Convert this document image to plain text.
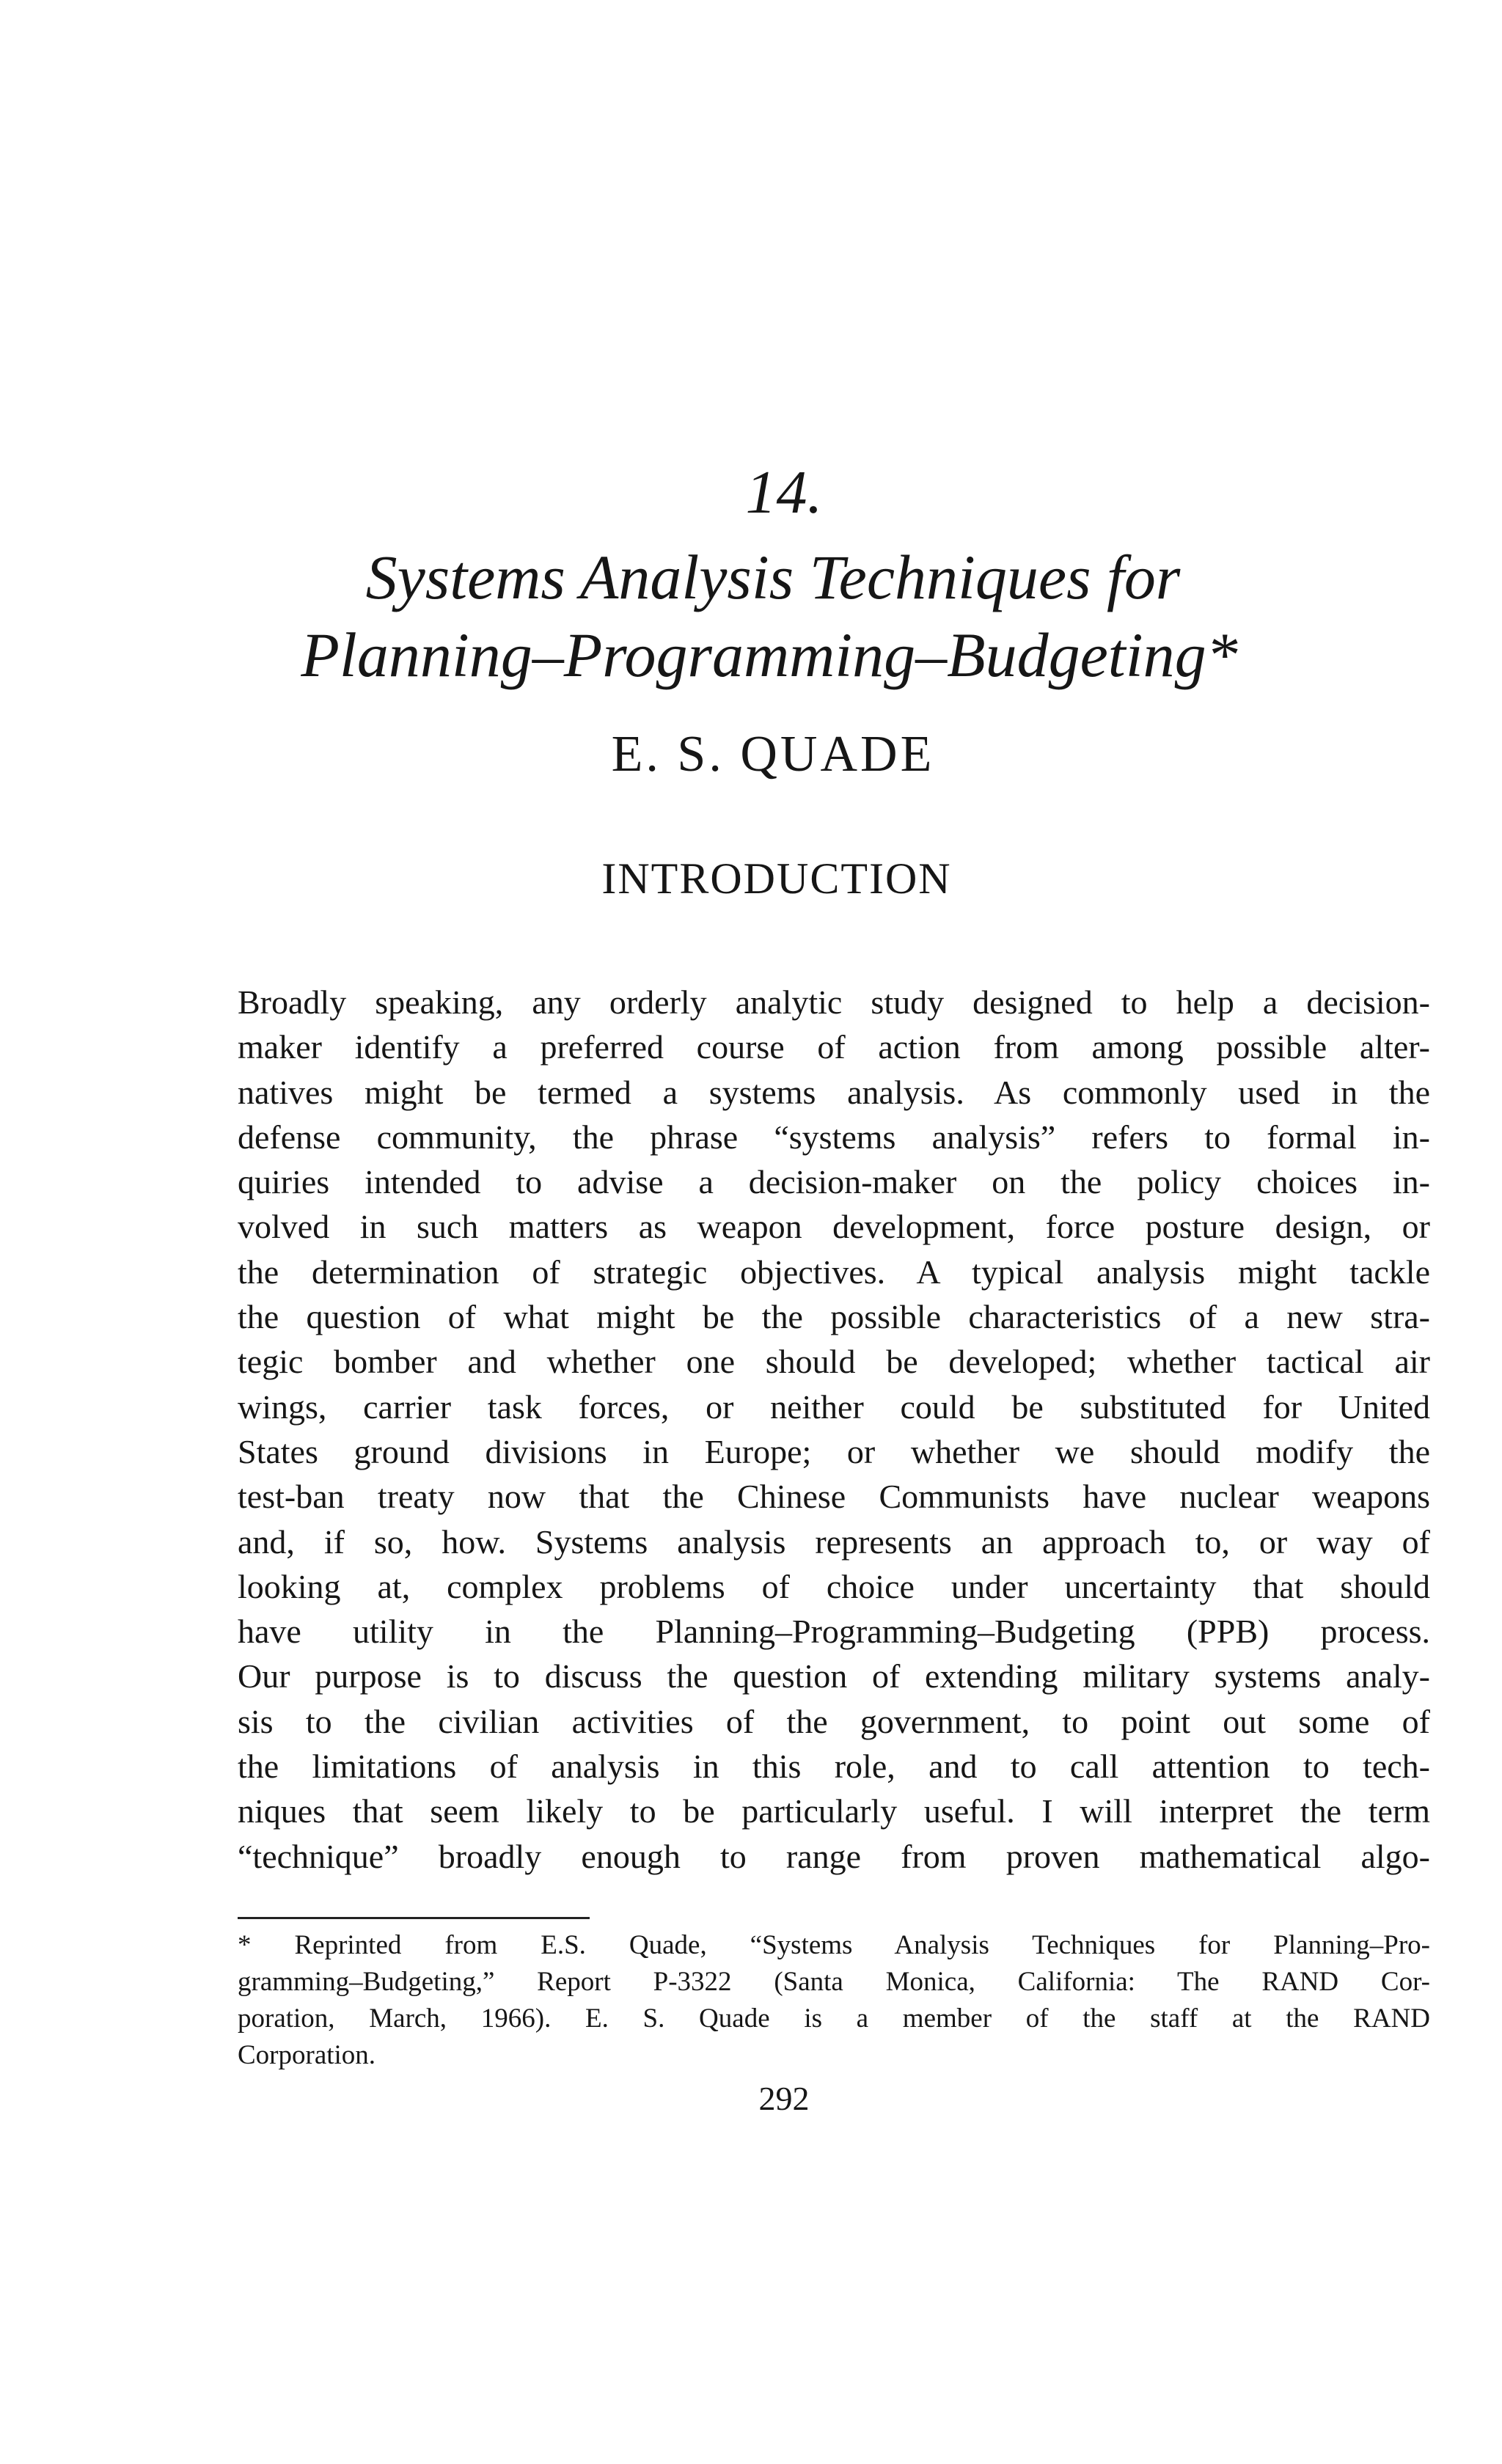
14.
Systems Analysis Techniques for
Planning–Programming–Budgeting*
E. S. QUADE
INTRODUCTION
Broadly speaking, any orderly analytic study designed to help a decision-
maker identify a preferred course of action from among possible alter-
natives might be termed a systems analysis. As commonly used in the
defense community, the phrase “systems analysis” refers to formal in-
quiries intended to advise a decision-maker on the policy choices in-
volved in such matters as weapon development, force posture design, or
the determination of strategic objectives. A typical analysis might tackle
the question of what might be the possible characteristics of a new stra-
tegic bomber and whether one should be developed; whether tactical air
wings, carrier task forces, or neither could be substituted for United
States ground divisions in Europe; or whether we should modify the
test-ban treaty now that the Chinese Communists have nuclear weapons
and, if so, how. Systems analysis represents an approach to, or way of
looking at, complex problems of choice under uncertainty that should
have utility in the Planning–Programming–Budgeting (PPB) process.
Our purpose is to discuss the question of extending military systems analy-
sis to the civilian activities of the government, to point out some of
the limitations of analysis in this role, and to call attention to tech-
niques that seem likely to be particularly useful. I will interpret the term
“technique” broadly enough to range from proven mathematical algo-
* Reprinted from E.S. Quade, “Systems Analysis Techniques for Planning–Pro-
gramming–Budgeting,” Report P-3322 (Santa Monica, California: The RAND Cor-
poration, March, 1966). E. S. Quade is a member of the staff at the RAND
Corporation.
292
